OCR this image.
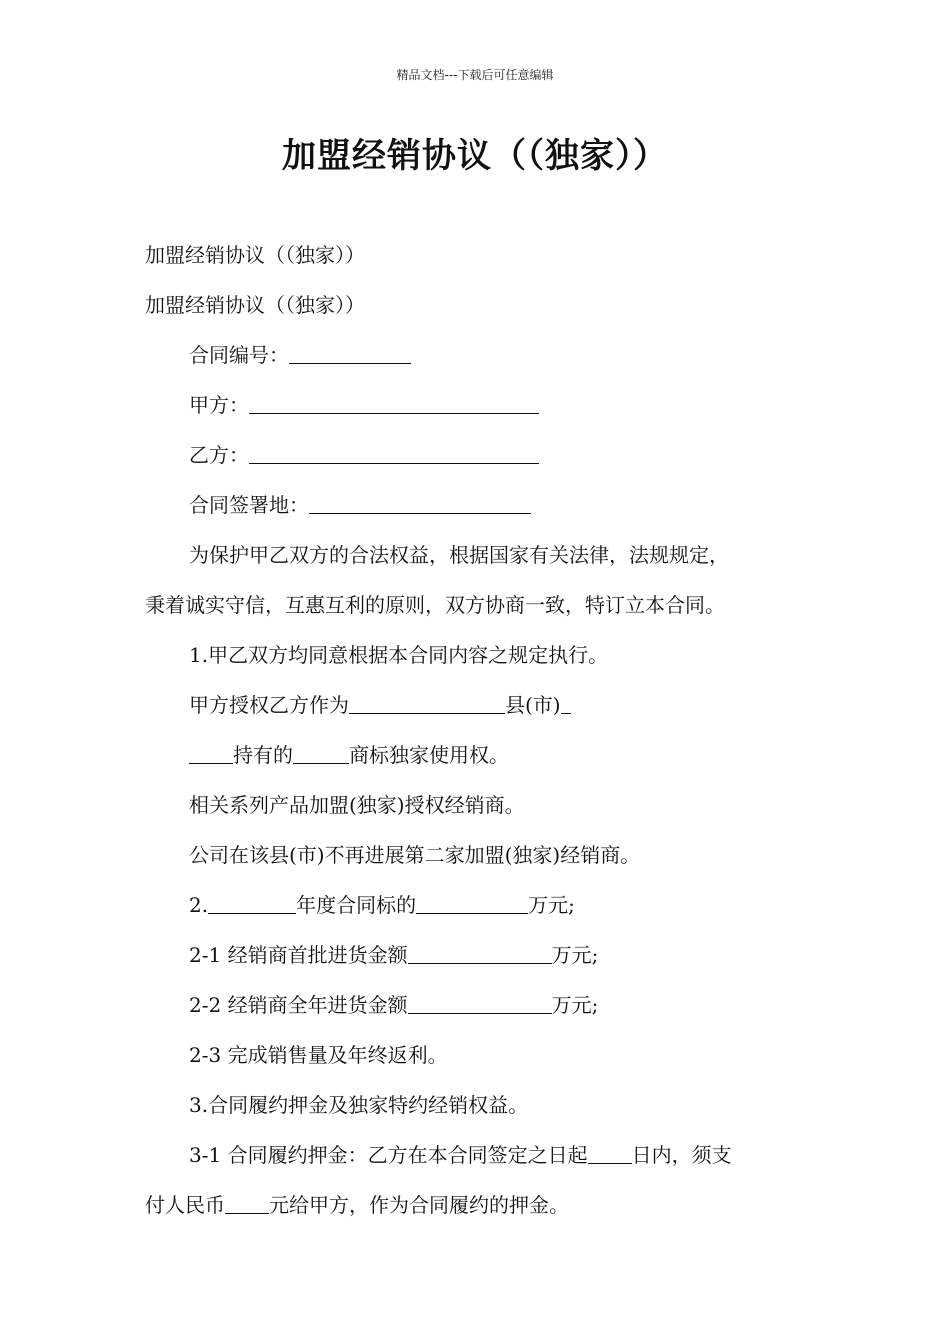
精品文档---下载后可任意编辑
加盟经销协议（（独家））
加盟经销协议（（独家））
加盟经销协议（（独家））
合同编号：
甲方：
乙方：
合同签署地：
为保护甲乙双方的合法权益，根据国家有关法律，法规规定，
秉着诚实守信，互惠互利的原则，双方协商一致，特订立本合同。
1.甲乙双方均同意根据本合同内容之规定执行。
甲方授权乙方作为	县(市)
持有的	商标独家使用权。
相关系列产品加盟(独家)授权经销商。
公司在该县(市)不再进展第二家加盟(独家)经销商。
2.	年度合同标的	万元;
2-1 经销商首批进货金额	万元;
2-2 经销商全年进货金额	万元;
2-3 完成销售量及年终返利。
3.合同履约押金及独家特约经销权益。
3-1 合同履约押金：乙方在本合同签定之日起 日内，须支
付人民币 元给甲方，作为合同履约的押金。
